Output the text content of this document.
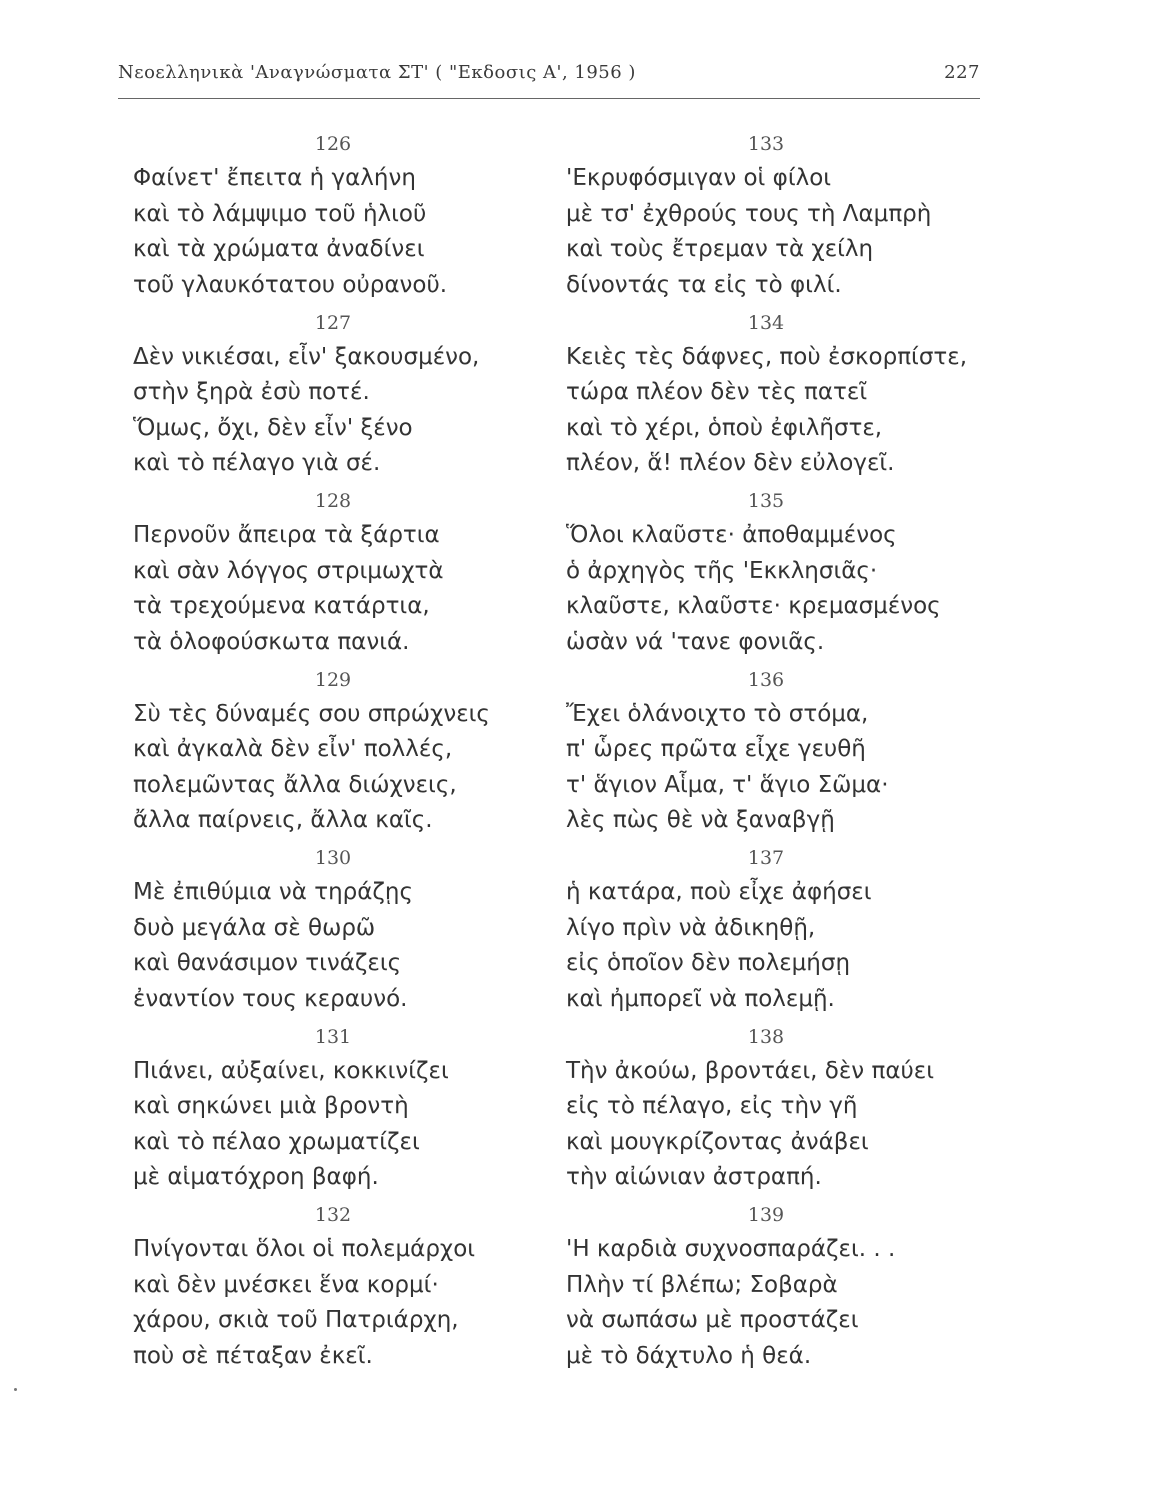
Νεοελληνικὰ 'Αναγνώσματα ΣΤ' ( "Εκδοσις Α', 1956 )	227
126
Φαίνετ' ἔπειτα ἡ γαλήνη
καὶ τὸ λάμψιμο τοῦ ἡλιοῦ
καὶ τὰ χρώματα ἀναδίνει
τοῦ γλαυκότατου οὐρανοῦ.
127
Δὲν νικιέσαι, εἶν' ξακουσμένο,
στὴν ξηρὰ ἐσὺ ποτέ.
Ὅμως, ὄχι, δὲν εἶν' ξένο
καὶ τὸ πέλαγο γιὰ σέ.
128
Περνοῦν ἄπειρα τὰ ξάρτια
καὶ σὰν λόγγος στριμωχτὰ
τὰ τρεχούμενα κατάρτια,
τὰ ὁλοφούσκωτα πανιά.
129
Σὺ τὲς δύναμές σου σπρώχνεις
καὶ ἀγκαλὰ δὲν εἶν' πολλές,
πολεμῶντας ἄλλα διώχνεις,
ἄλλα παίρνεις, ἄλλα καῖς.
130
Μὲ ἐπιθύμια νὰ τηράζῃς
δυὸ μεγάλα σὲ θωρῶ
καὶ θανάσιμον τινάζεις
ἐναντίον τους κεραυνό.
131
Πιάνει, αὐξαίνει, κοκκινίζει
καὶ σηκώνει μιὰ βροντὴ
καὶ τὸ πέλαο χρωματίζει
μὲ αἱματόχροη βαφή.
132
Πνίγονται ὅλοι οἱ πολεμάρχοι
καὶ δὲν μνέσκει ἕνα κορμί·
χάρου, σκιὰ τοῦ Πατριάρχη,
ποὺ σὲ πέταξαν ἐκεῖ.
133
'Εκρυφόσμιγαν οἱ φίλοι
μὲ τσ' ἐχθρούς τους τὴ Λαμπρὴ
καὶ τοὺς ἔτρεμαν τὰ χείλη
δίνοντάς τα εἰς τὸ φιλί.
134
Κειὲς τὲς δάφνες, ποὺ ἐσκορπίστε,
τώρα πλέον δὲν τὲς πατεῖ
καὶ τὸ χέρι, ὁποὺ ἐφιλῆστε,
πλέον, ἅ! πλέον δὲν εὐλογεῖ.
135
Ὅλοι κλαῦστε· ἀποθαμμένος
ὁ ἀρχηγὸς τῆς 'Εκκλησιᾶς·
κλαῦστε, κλαῦστε· κρεμασμένος
ὡσὰν νά 'τανε φονιᾶς.
136
Ἔχει ὁλάνοιχτο τὸ στόμα,
π' ὧρες πρῶτα εἶχε γευθῆ
τ' ἅγιον Αἷμα, τ' ἅγιο Σῶμα·
λὲς πὼς θὲ νὰ ξαναβγῇ
137
ἡ κατάρα, ποὺ εἶχε ἀφήσει
λίγο πρὶν νὰ ἀδικηθῇ,
εἰς ὁποῖον δὲν πολεμήσῃ
καὶ ἠμπορεῖ νὰ πολεμῇ.
138
Τὴν ἀκούω, βροντάει, δὲν παύει
εἰς τὸ πέλαγο, εἰς τὴν γῆ
καὶ μουγκρίζοντας ἀνάβει
τὴν αἰώνιαν ἀστραπή.
139
'Η καρδιὰ συχνοσπαράζει. . .
Πλὴν τί βλέπω; Σοβαρὰ
νὰ σωπάσω μὲ προστάζει
μὲ τὸ δάχτυλο ἡ θεά.
